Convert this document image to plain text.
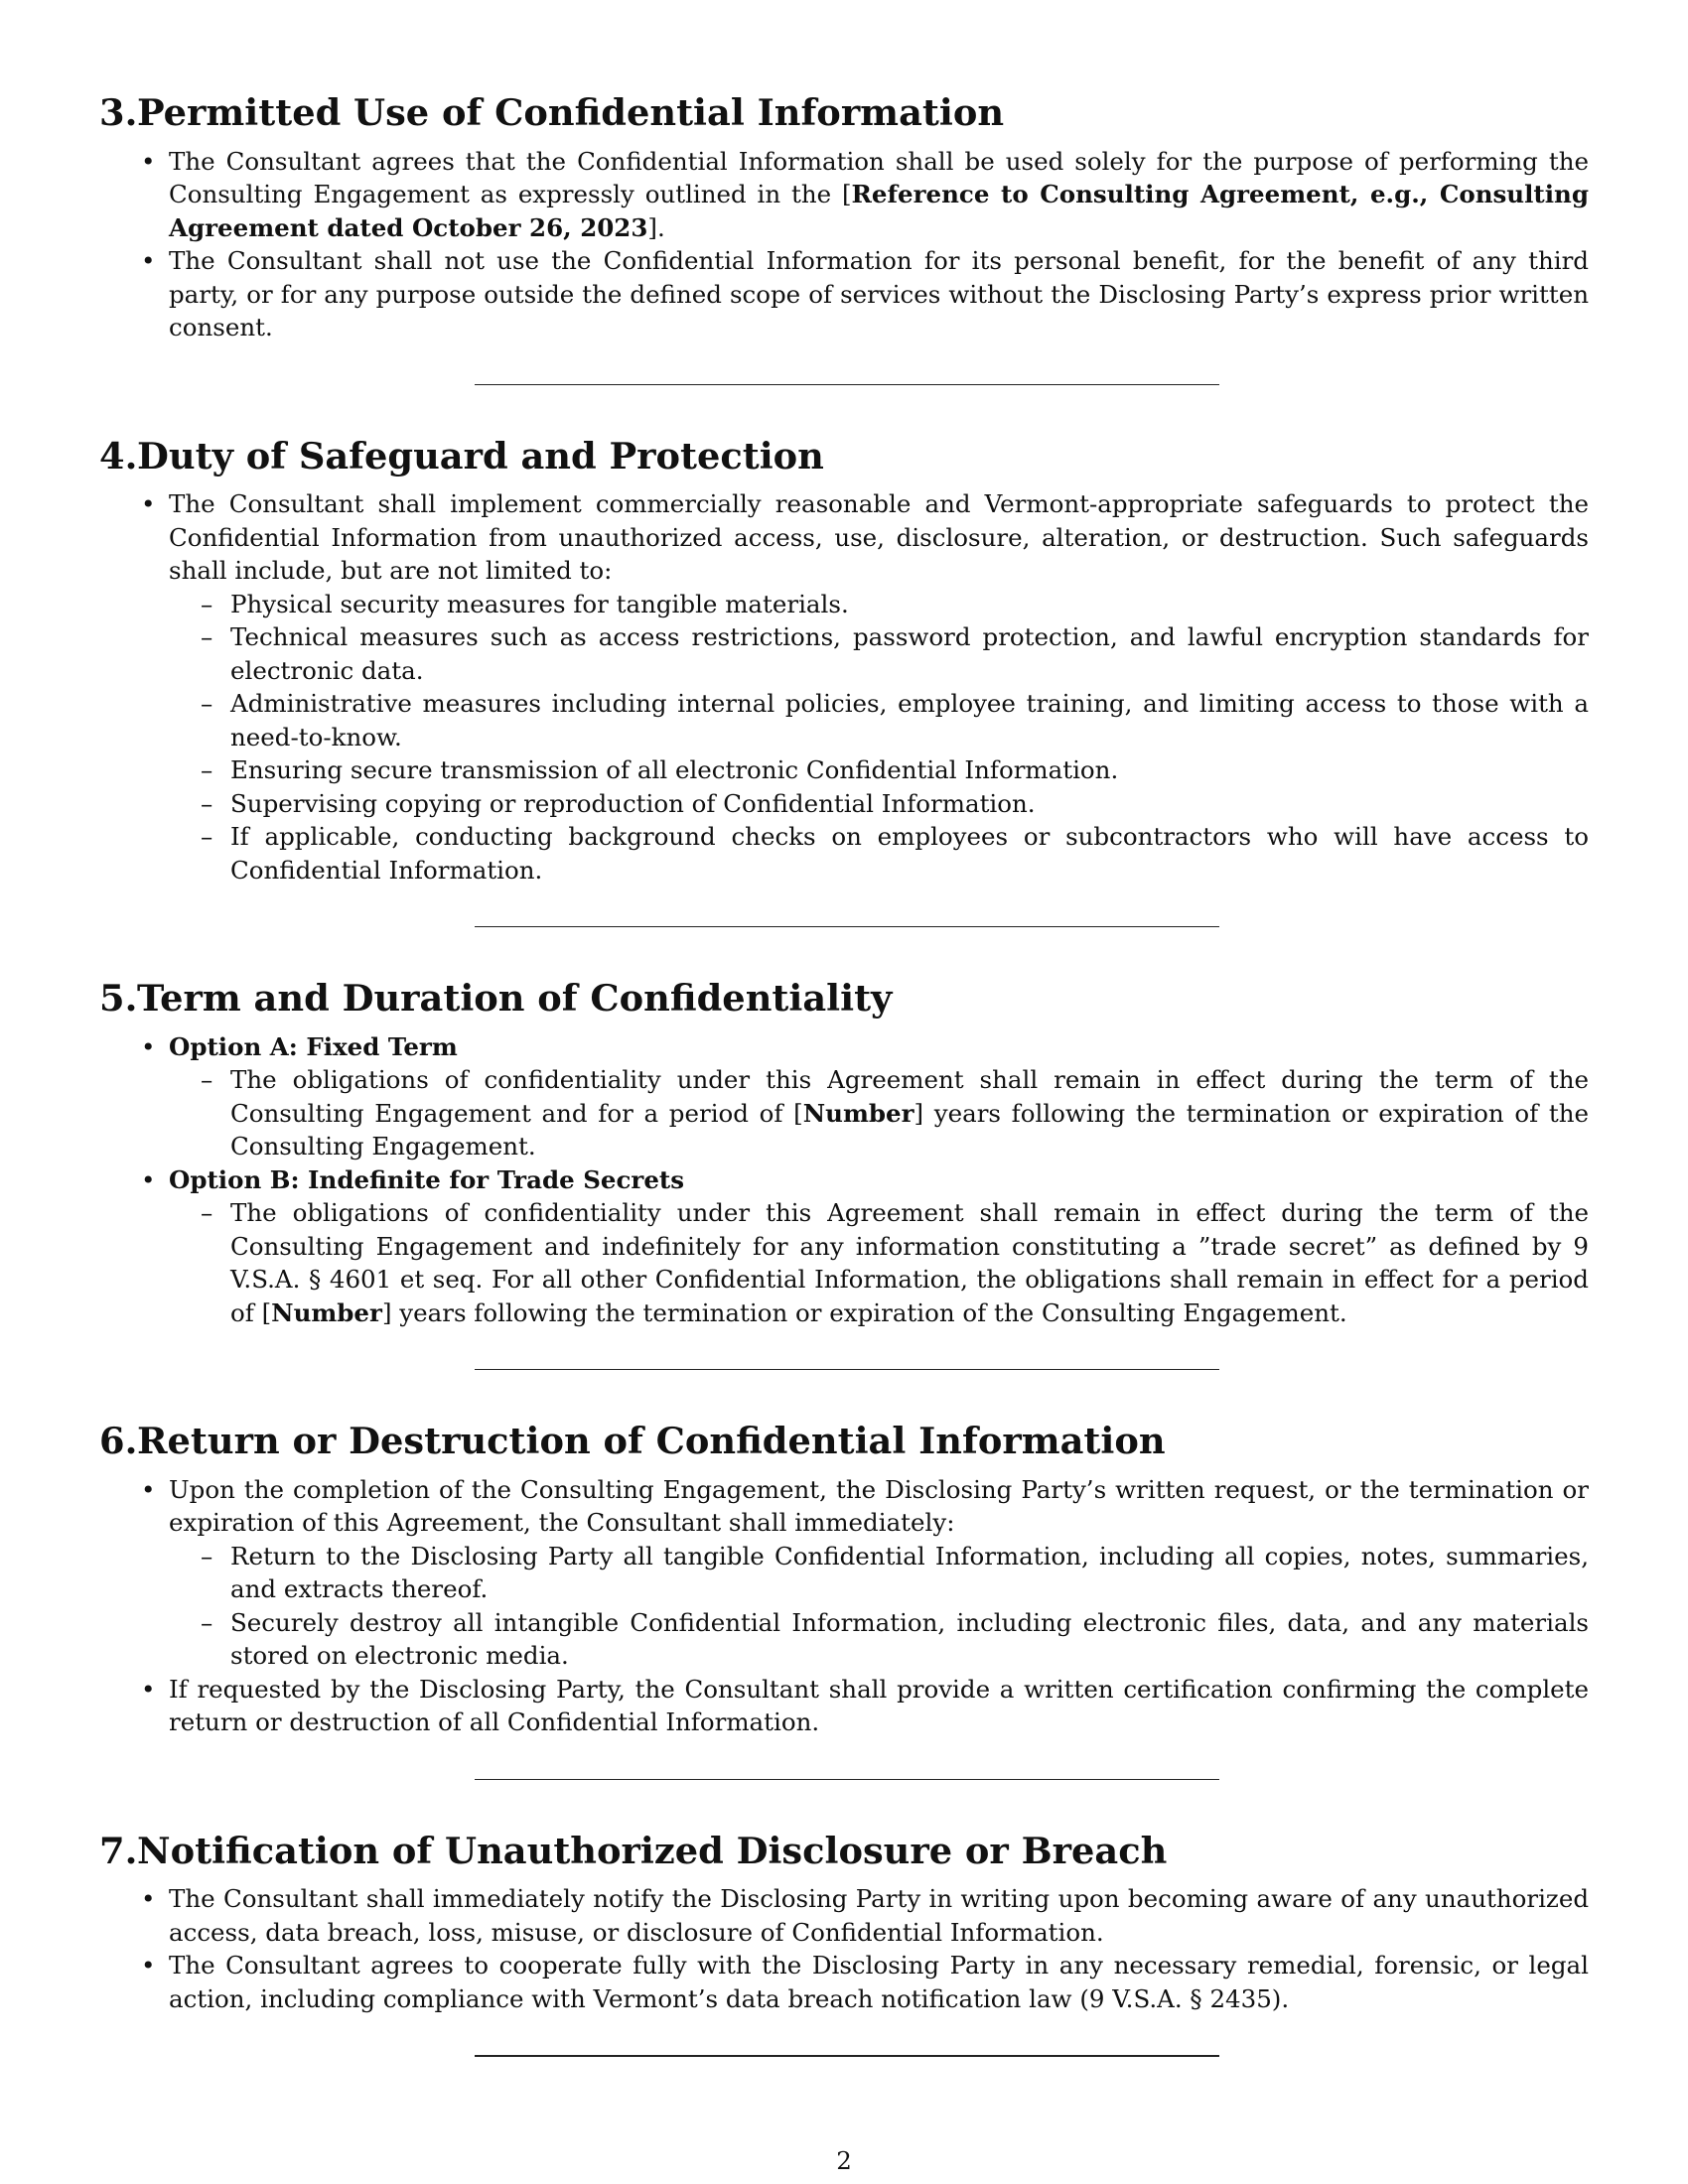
3.Permitted Use of Confidential Information
• The Consultant agrees that the Confidential Information shall be used solely for the purpose of performing the Consulting Engagement as expressly outlined in the [Reference to Consulting Agreement, e.g., Consulting Agreement dated October 26, 2023].
• The Consultant shall not use the Confidential Information for its personal benefit, for the benefit of any third party, or for any purpose outside the defined scope of services without the Disclosing Party’s express prior written consent.
4.Duty of Safeguard and Protection
• The Consultant shall implement commercially reasonable and Vermont-appropriate safeguards to protect the Confidential Information from unauthorized access, use, disclosure, alteration, or destruction. Such safeguards shall include, but are not limited to:
– Physical security measures for tangible materials.
– Technical measures such as access restrictions, password protection, and lawful encryption standards for electronic data.
– Administrative measures including internal policies, employee training, and limiting access to those with a need-to-know.
– Ensuring secure transmission of all electronic Confidential Information.
– Supervising copying or reproduction of Confidential Information.
– If applicable, conducting background checks on employees or subcontractors who will have access to Confidential Information.
5.Term and Duration of Confidentiality
• Option A: Fixed Term
– The obligations of confidentiality under this Agreement shall remain in effect during the term of the Consulting Engagement and for a period of [Number] years following the termination or expiration of the Consulting Engagement.
• Option B: Indefinite for Trade Secrets
– The obligations of confidentiality under this Agreement shall remain in effect during the term of the Consulting Engagement and indefinitely for any information constituting a ”trade secret” as defined by 9 V.S.A. § 4601 et seq. For all other Confidential Information, the obligations shall remain in effect for a period of [Number] years following the termination or expiration of the Consulting Engagement.
6.Return or Destruction of Confidential Information
• Upon the completion of the Consulting Engagement, the Disclosing Party’s written request, or the termination or expiration of this Agreement, the Consultant shall immediately:
– Return to the Disclosing Party all tangible Confidential Information, including all copies, notes, summaries, and extracts thereof.
– Securely destroy all intangible Confidential Information, including electronic files, data, and any materials stored on electronic media.
• If requested by the Disclosing Party, the Consultant shall provide a written certification confirming the complete return or destruction of all Confidential Information.
7.Notification of Unauthorized Disclosure or Breach
• The Consultant shall immediately notify the Disclosing Party in writing upon becoming aware of any unauthorized access, data breach, loss, misuse, or disclosure of Confidential Information.
• The Consultant agrees to cooperate fully with the Disclosing Party in any necessary remedial, forensic, or legal action, including compliance with Vermont’s data breach notification law (9 V.S.A. § 2435).
2
